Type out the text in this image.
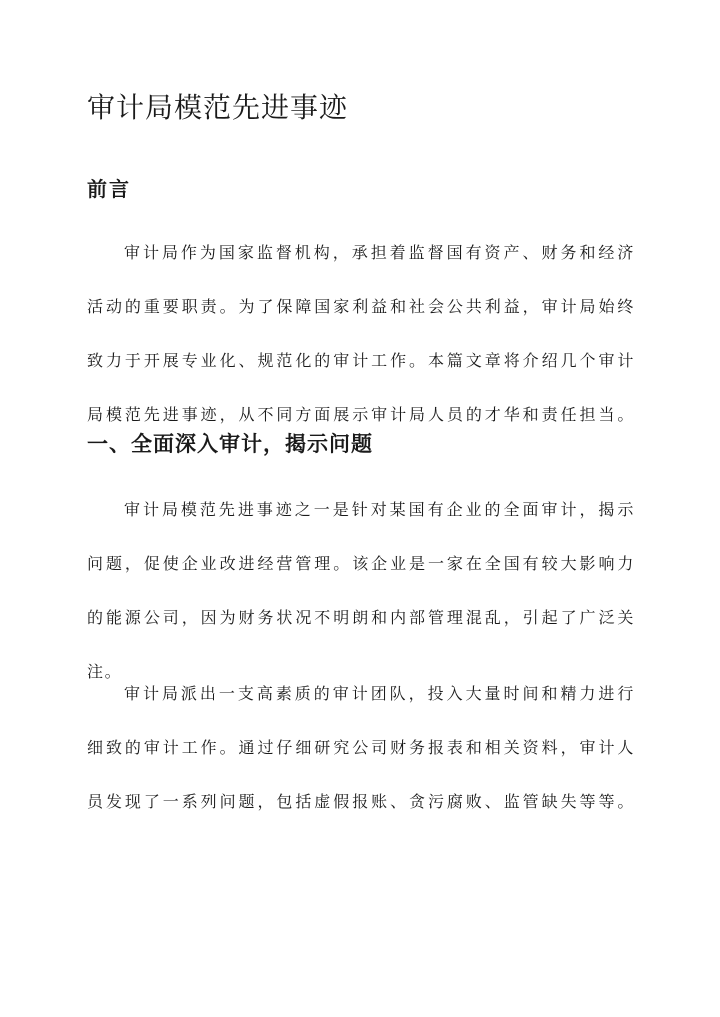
审计局模范先进事迹
前言
审计局作为国家监督机构，承担着监督国有资产、财务和经济
活动的重要职责。为了保障国家利益和社会公共利益，审计局始终
致力于开展专业化、规范化的审计工作。本篇文章将介绍几个审计
局模范先进事迹，从不同方面展示审计局人员的才华和责任担当。
一、全面深入审计，揭示问题
审计局模范先进事迹之一是针对某国有企业的全面审计，揭示
问题，促使企业改进经营管理。该企业是一家在全国有较大影响力
的能源公司，因为财务状况不明朗和内部管理混乱，引起了广泛关
注。
审计局派出一支高素质的审计团队，投入大量时间和精力进行
细致的审计工作。通过仔细研究公司财务报表和相关资料，审计人
员发现了一系列问题，包括虚假报账、贪污腐败、监管缺失等等。
